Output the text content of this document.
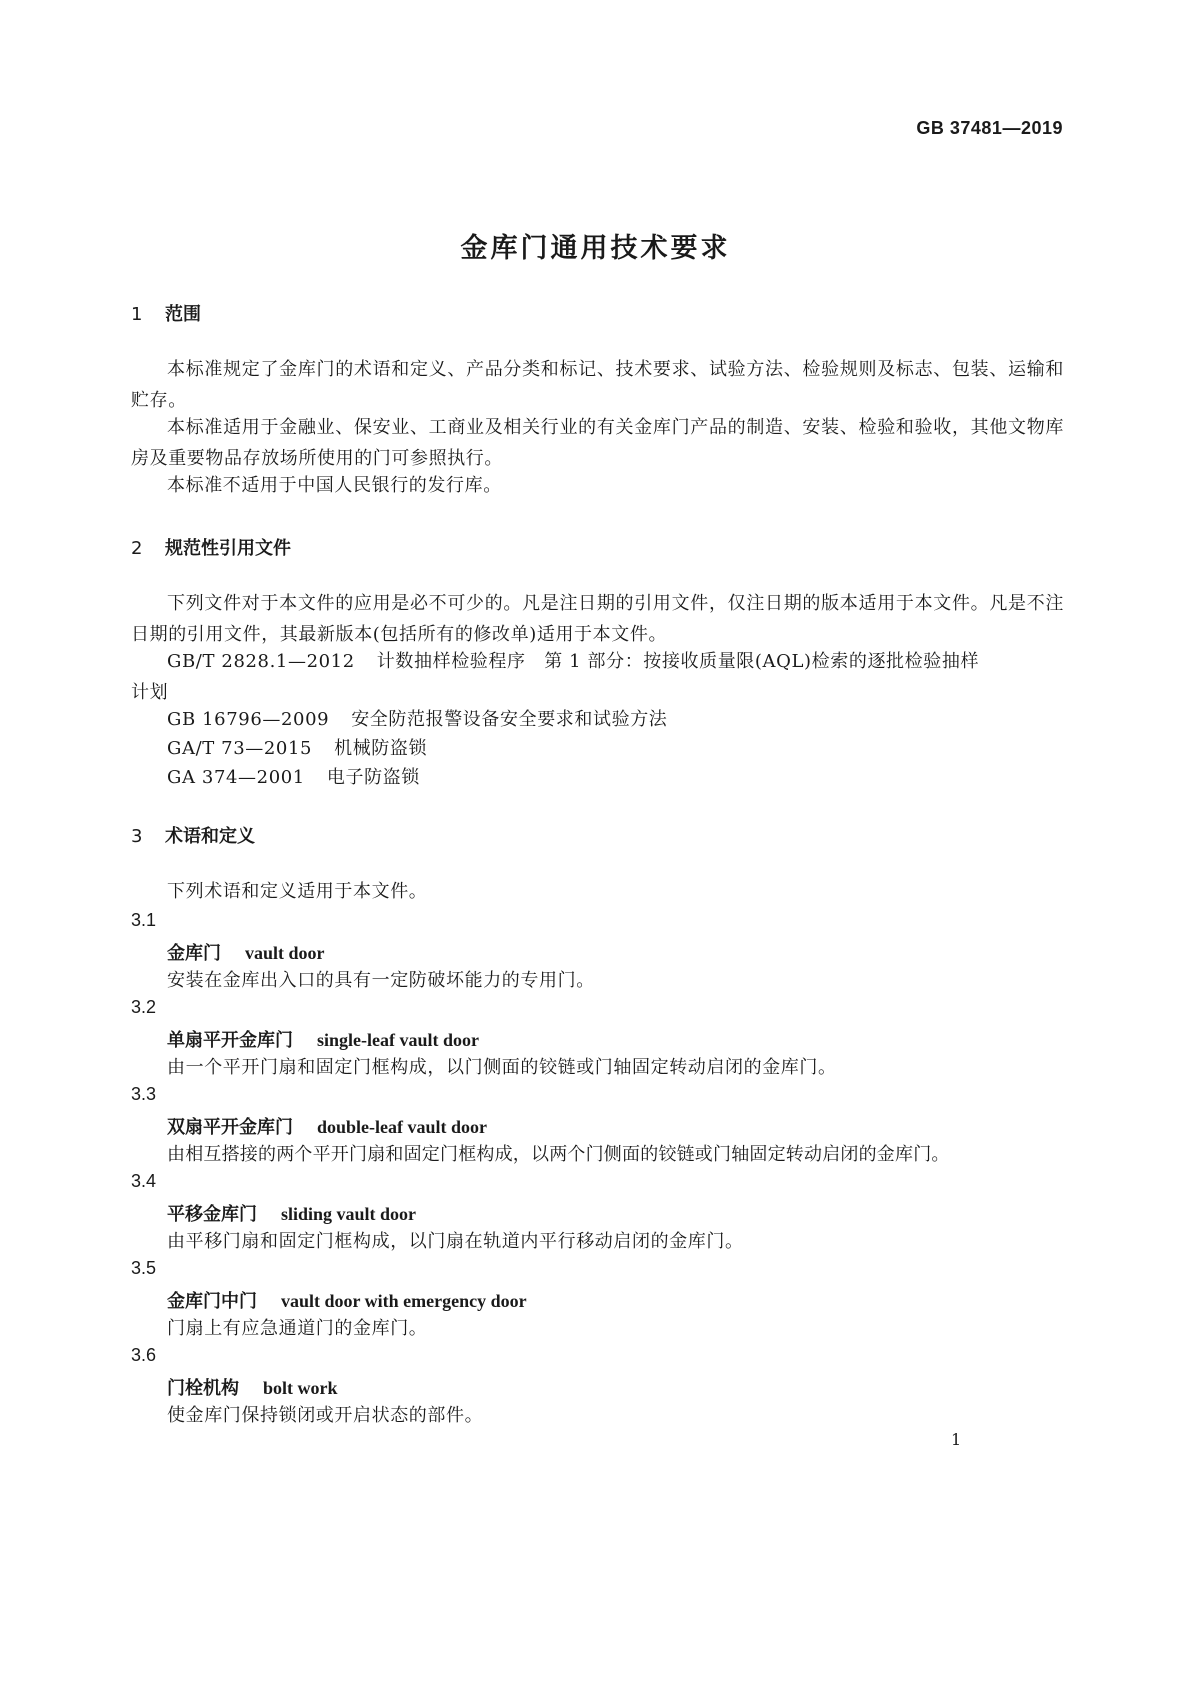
GB 37481—2019
金库门通用技术要求
1 范围
本标准规定了金库门的术语和定义、产品分类和标记、技术要求、试验方法、检验规则及标志、包装、运输和贮存。
本标准适用于金融业、保安业、工商业及相关行业的有关金库门产品的制造、安装、检验和验收，其他文物库房及重要物品存放场所使用的门可参照执行。
本标准不适用于中国人民银行的发行库。
2 规范性引用文件
下列文件对于本文件的应用是必不可少的。凡是注日期的引用文件，仅注日期的版本适用于本文件。凡是不注日期的引用文件，其最新版本(包括所有的修改单)适用于本文件。
GB/T 2828.1—2012 计数抽样检验程序　第 1 部分：按接收质量限(AQL)检索的逐批检验抽样
计划
GB 16796—2009 安全防范报警设备安全要求和试验方法
GA/T 73—2015 机械防盗锁
GA 374—2001 电子防盗锁
3 术语和定义
下列术语和定义适用于本文件。
3.1
金库门 vault door
安装在金库出入口的具有一定防破坏能力的专用门。
3.2
单扇平开金库门 single-leaf vault door
由一个平开门扇和固定门框构成，以门侧面的铰链或门轴固定转动启闭的金库门。
3.3
双扇平开金库门 double-leaf vault door
由相互搭接的两个平开门扇和固定门框构成，以两个门侧面的铰链或门轴固定转动启闭的金库门。
3.4
平移金库门 sliding vault door
由平移门扇和固定门框构成，以门扇在轨道内平行移动启闭的金库门。
3.5
金库门中门 vault door with emergency door
门扇上有应急通道门的金库门。
3.6
门栓机构 bolt work
使金库门保持锁闭或开启状态的部件。
1
